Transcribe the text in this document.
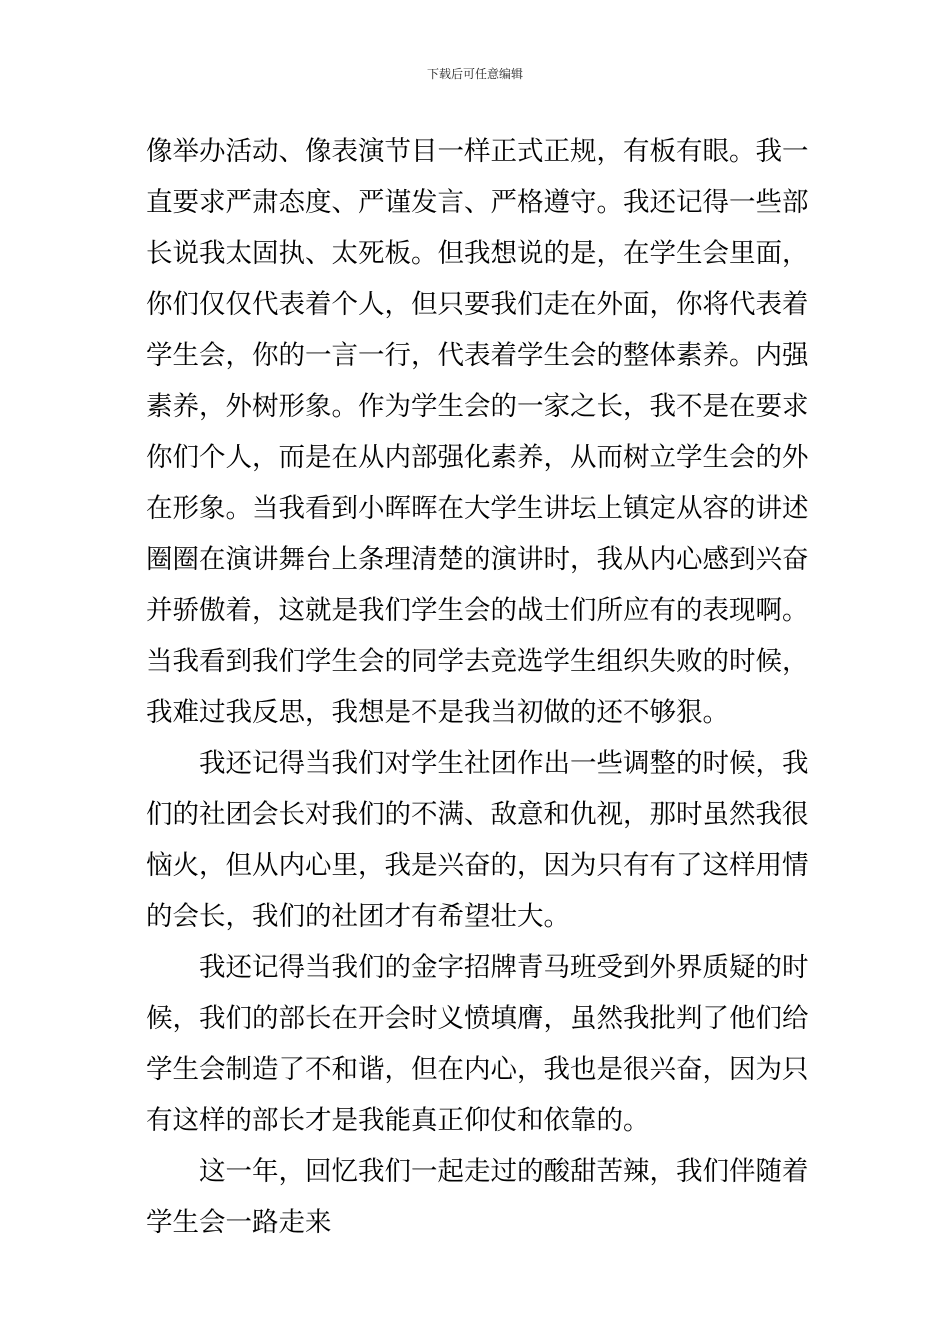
下载后可任意编辑
像举办活动、像表演节目一样正式正规，有板有眼。我一
直要求严肃态度、严谨发言、严格遵守。我还记得一些部
长说我太固执、太死板。但我想说的是，在学生会里面，
你们仅仅代表着个人，但只要我们走在外面，你将代表着
学生会，你的一言一行，代表着学生会的整体素养。内强
素养，外树形象。作为学生会的一家之长，我不是在要求
你们个人，而是在从内部强化素养，从而树立学生会的外
在形象。当我看到小晖晖在大学生讲坛上镇定从容的讲述
圈圈在演讲舞台上条理清楚的演讲时，我从内心感到兴奋
并骄傲着，这就是我们学生会的战士们所应有的表现啊。
当我看到我们学生会的同学去竞选学生组织失败的时候，
我难过我反思，我想是不是我当初做的还不够狠。
我还记得当我们对学生社团作出一些调整的时候，我
们的社团会长对我们的不满、敌意和仇视，那时虽然我很
恼火，但从内心里，我是兴奋的，因为只有有了这样用情
的会长，我们的社团才有希望壮大。
我还记得当我们的金字招牌青马班受到外界质疑的时
候，我们的部长在开会时义愤填膺，虽然我批判了他们给
学生会制造了不和谐，但在内心，我也是很兴奋，因为只
有这样的部长才是我能真正仰仗和依靠的。
这一年，回忆我们一起走过的酸甜苦辣，我们伴随着
学生会一路走来
